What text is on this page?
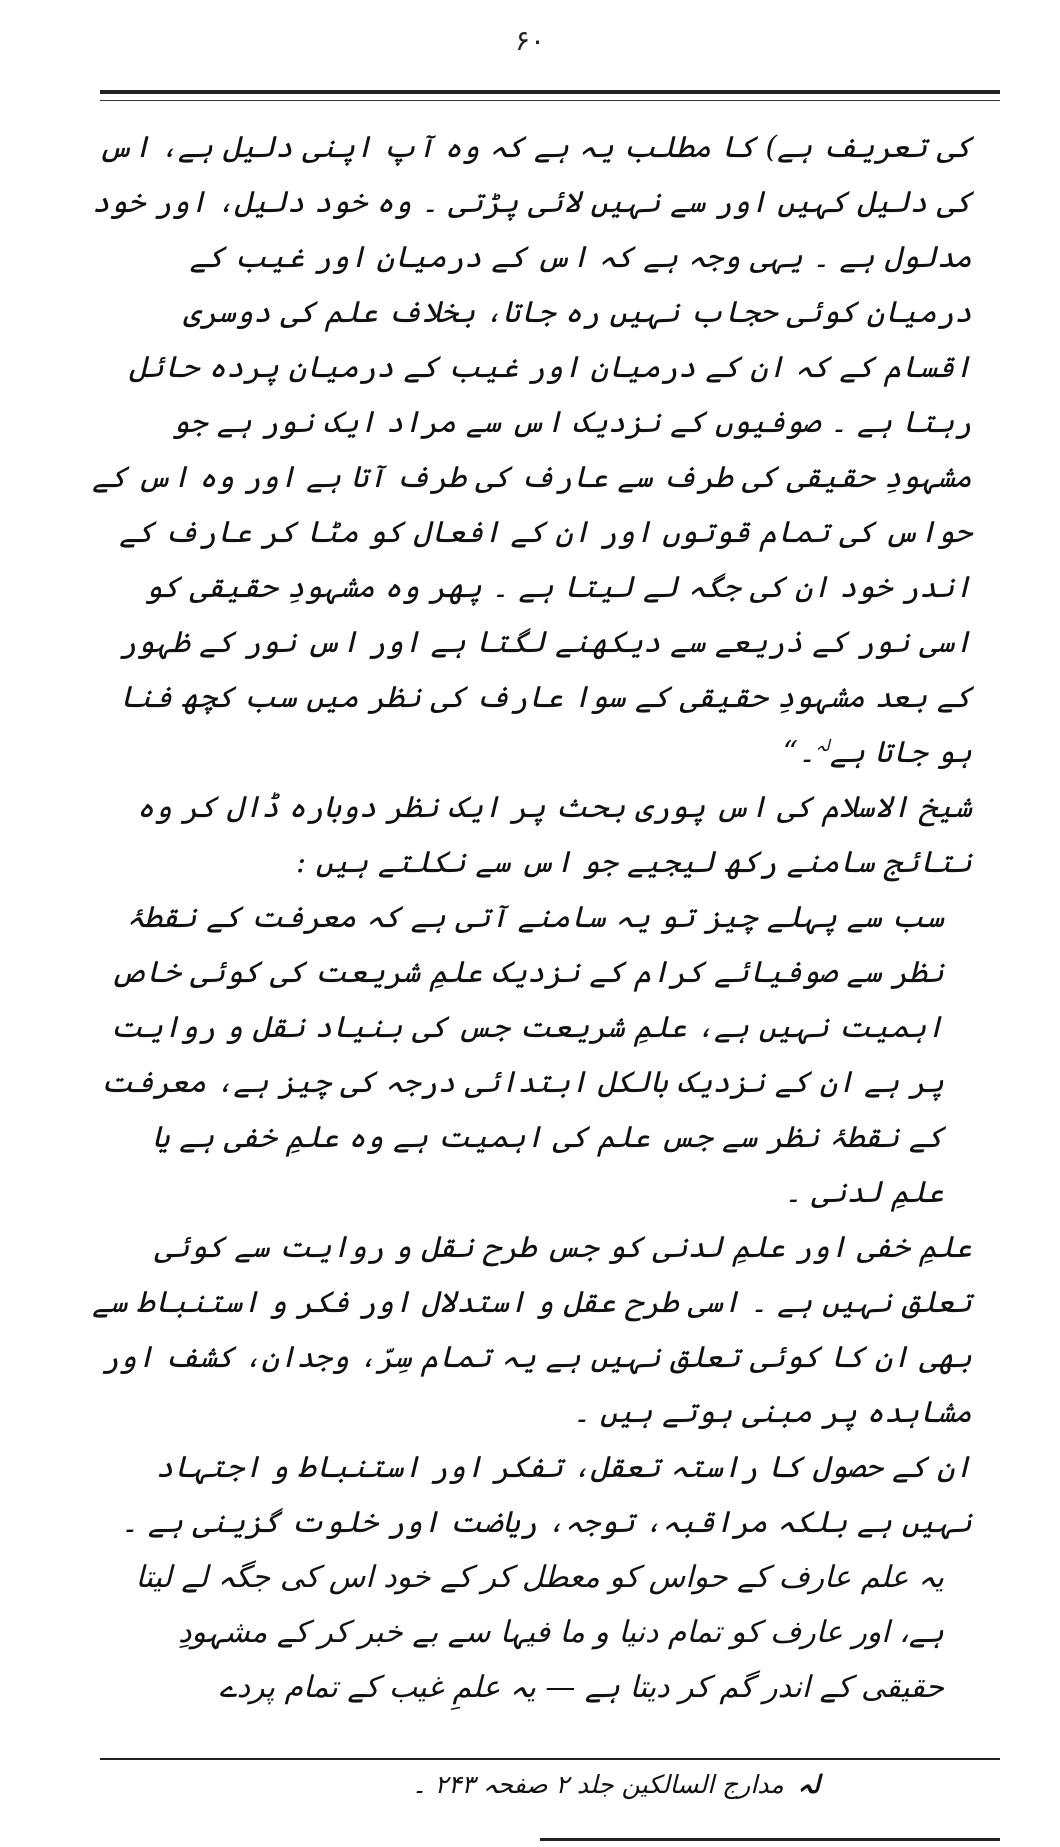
۶۰

کی تعریف ہے) کا مطلب یہ ہے کہ وہ آپ اپنی دلیل ہے، اس کی دلیل کہیں اور سے نہیں لائی پڑتی ۔ وہ خود دلیل، اور خود مدلول ہے ۔ یہی وجہ ہے کہ اس کے درمیان اور غیب کے درمیان کوئی حجاب نہیں رہ جاتا، بخلاف علم کی دوسری اقسام کے کہ ان کے درمیان اور غیب کے درمیان پردہ حائل رہتا ہے ۔ صوفیوں کے نزدیک اس سے مراد ایک نور ہے جو مشہودِ حقیقی کی طرف سے عارف کی طرف آتا ہے اور وہ اس کے حواس کی تمام قوتوں اور ان کے افعال کو مٹا کر عارف کے اندر خود ان کی جگہ لے لیتا ہے ۔ پھر وہ مشہودِ حقیقی کو اسی نور کے ذریعے سے دیکھنے لگتا ہے اور اس نور کے ظہور کے بعد مشہودِ حقیقی کے سوا عارف کی نظر میں سب کچھ فنا ہو جاتا ہے$^{لہ}$۔“

شیخ الاسلام کی اس پوری بحث پر ایک نظر دوبارہ ڈال کر وہ نتائج سامنے رکھ لیجیے جو اس سے نکلتے ہیں :

سب سے پہلے چیز تو یہ سامنے آتی ہے کہ معرفت کے نقطۂ نظر سے صوفیائے کرام کے نزدیک علمِ شریعت کی کوئی خاص اہمیت نہیں ہے، علمِ شریعت جس کی بنیاد نقل و روایت پر ہے ان کے نزدیک بالکل ابتدائی درجہ کی چیز ہے، معرفت کے نقطۂ نظر سے جس علم کی اہمیت ہے وہ علمِ خفی ہے یا علمِ لدنی ۔

علمِ خفی اور علمِ لدنی کو جس طرح نقل و روایت سے کوئی تعلق نہیں ہے ۔ اسی طرح عقل و استدلال اور فکر و استنباط سے بھی ان کا کوئی تعلق نہیں ہے یہ تمام سِرّ، وجدان، کشف اور مشاہدہ پر مبنی ہوتے ہیں ۔

ان کے حصول کا راستہ تعقل، تفکر اور استنباط و اجتہاد نہیں ہے بلکہ مراقبہ، توجہ، ریاضت اور خلوت گزینی ہے ۔

یہ علم عارف کے حواس کو معطل کر کے خود اس کی جگہ لے لیتا ہے، اور عارف کو تمام دنیا و ما فیہا سے بے خبر کر کے مشہودِ حقیقی کے اندر گم کر دیتا ہے — یہ علمِ غیب کے تمام پردے

لہ مدارج السالکین جلد ۲ صفحہ ۲۴۳ ۔
